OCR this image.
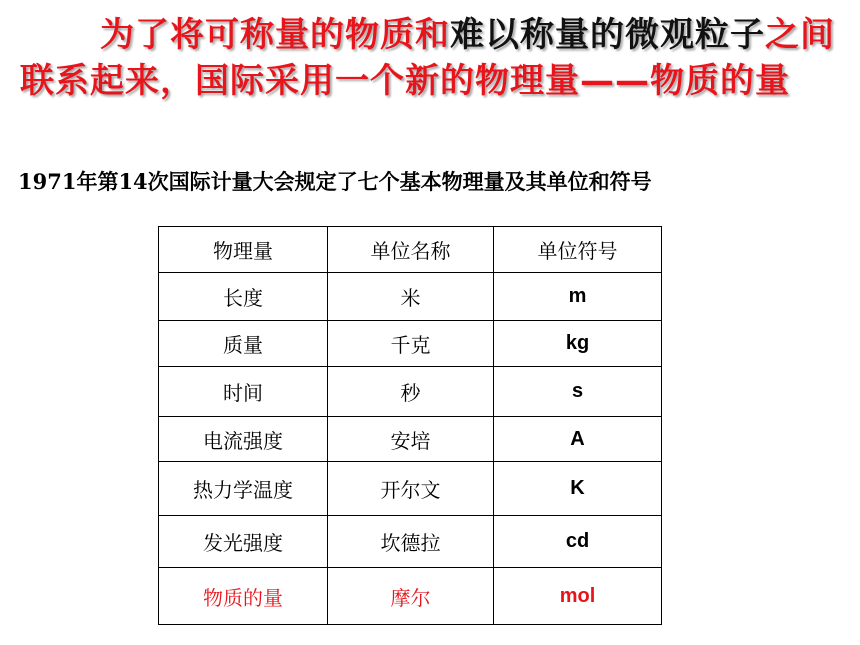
为了将可称量的物质和难以称量的微观粒子之间联系起来，国际采用一个新的物理量——物质的量
1971年第14次国际计量大会规定了七个基本物理量及其单位和符号
物理量	单位名称	单位符号
长度	米	m
质量	千克	kg
时间	秒	s
电流强度	安培	A
热力学温度	开尔文	K
发光强度	坎德拉	cd
物质的量	摩尔	mol
